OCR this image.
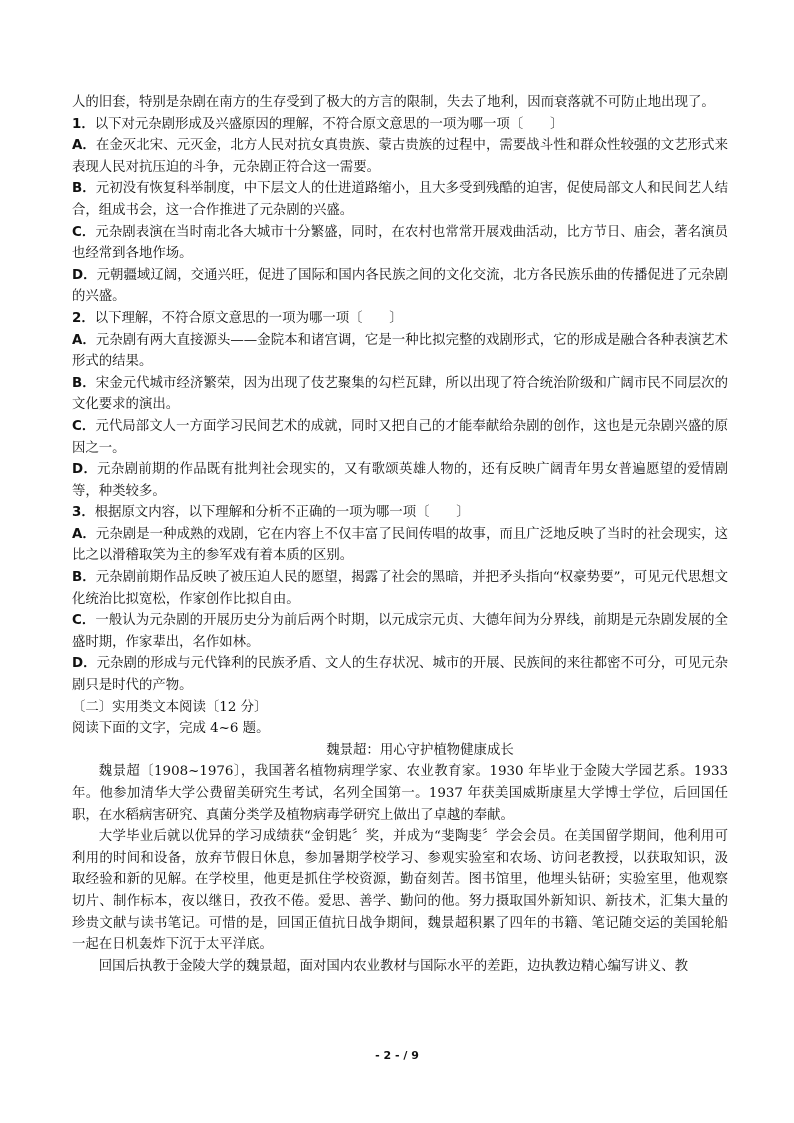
人的旧套，特别是杂剧在南方的生存受到了极大的方言的限制，失去了地利，因而衰落就不可防止地出现了。

1．以下对元杂剧形成及兴盛原因的理解，不符合原文意思的一项为哪一项〔　　〕

A．在金灭北宋、元灭金，北方人民对抗女真贵族、蒙古贵族的过程中，需要战斗性和群众性较强的文艺形式来表现人民对抗压迫的斗争，元杂剧正符合这一需要。

B．元初没有恢复科举制度，中下层文人的仕进道路缩小，且大多受到残酷的迫害，促使局部文人和民间艺人结合，组成书会，这一合作推进了元杂剧的兴盛。

C．元杂剧表演在当时南北各大城市十分繁盛，同时，在农村也常常开展戏曲活动，比方节日、庙会，著名演员也经常到各地作场。

D．元朝疆域辽阔，交通兴旺，促进了国际和国内各民族之间的文化交流，北方各民族乐曲的传播促进了元杂剧的兴盛。

2．以下理解，不符合原文意思的一项为哪一项〔　　〕

A．元杂剧有两大直接源头——金院本和诸宫调，它是一种比拟完整的戏剧形式，它的形成是融合各种表演艺术形式的结果。

B．宋金元代城市经济繁荣，因为出现了伎艺聚集的勾栏瓦肆，所以出现了符合统治阶级和广阔市民不同层次的文化要求的演出。

C．元代局部文人一方面学习民间艺术的成就，同时又把自己的才能奉献给杂剧的创作，这也是元杂剧兴盛的原因之一。

D．元杂剧前期的作品既有批判社会现实的，又有歌颂英雄人物的，还有反映广阔青年男女普遍愿望的爱情剧等，种类较多。

3．根据原文内容，以下理解和分析不正确的一项为哪一项〔　　〕

A．元杂剧是一种成熟的戏剧，它在内容上不仅丰富了民间传唱的故事，而且广泛地反映了当时的社会现实，这比之以滑稽取笑为主的参军戏有着本质的区别。

B．元杂剧前期作品反映了被压迫人民的愿望，揭露了社会的黑暗，并把矛头指向“权豪势要”，可见元代思想文化统治比拟宽松，作家创作比拟自由。

C．一般认为元杂剧的开展历史分为前后两个时期，以元成宗元贞、大德年间为分界线，前期是元杂剧发展的全盛时期，作家辈出，名作如林。

D．元杂剧的形成与元代锋利的民族矛盾、文人的生存状况、城市的开展、民族间的来往都密不可分，可见元杂剧只是时代的产物。

〔二〕实用类文本阅读〔12 分〕

阅读下面的文字，完成 4~6 题。

魏景超：用心守护植物健康成长

魏景超〔1908~1976〕，我国著名植物病理学家、农业教育家。1930 年毕业于金陵大学园艺系。1933 年。他参加清华大学公费留美研究生考试，名列全国第一。1937 年获美国威斯康星大学博士学位，后回国任职，在水稻病害研究、真菌分类学及植物病毒学研究上做出了卓越的奉献。

大学毕业后就以优异的学习成绩获“金钥匙〞奖，并成为“斐陶斐〞学会会员。在美国留学期间，他利用可利用的时间和设备，放弃节假日休息，参加暑期学校学习、参观实验室和农场、访问老教授，以获取知识，汲取经验和新的见解。在学校里，他更是抓住学校资源，勤奋刻苦。图书馆里，他埋头钻研；实验室里，他观察切片、制作标本，夜以继日，孜孜不倦。爱思、善学、勤问的他。努力摄取国外新知识、新技术，汇集大量的珍贵文献与读书笔记。可惜的是，回国正值抗日战争期间，魏景超积累了四年的书籍、笔记随交运的美国轮船一起在日机轰炸下沉于太平洋底。

回国后执教于金陵大学的魏景超，面对国内农业教材与国际水平的差距，边执教边精心编写讲义、教

- 2 - / 9
